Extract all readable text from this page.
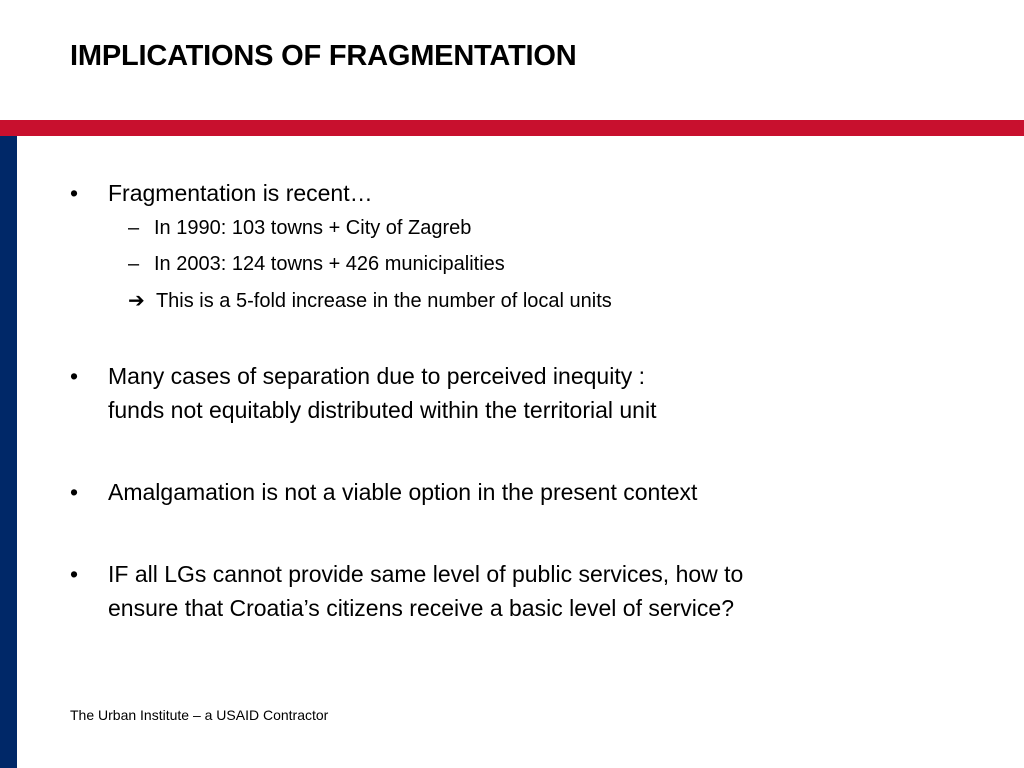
IMPLICATIONS OF FRAGMENTATION
• Fragmentation is recent…
– In 1990: 103 towns + City of Zagreb
– In 2003: 124 towns + 426 municipalities
➔ This is a 5-fold increase in the number of local units
• Many cases of separation due to perceived inequity :
funds not equitably distributed within the territorial unit
• Amalgamation is not a viable option in the present context
• IF all LGs cannot provide same level of public services, how to
ensure that Croatia’s citizens receive a basic level of service?
The Urban Institute – a USAID Contractor
